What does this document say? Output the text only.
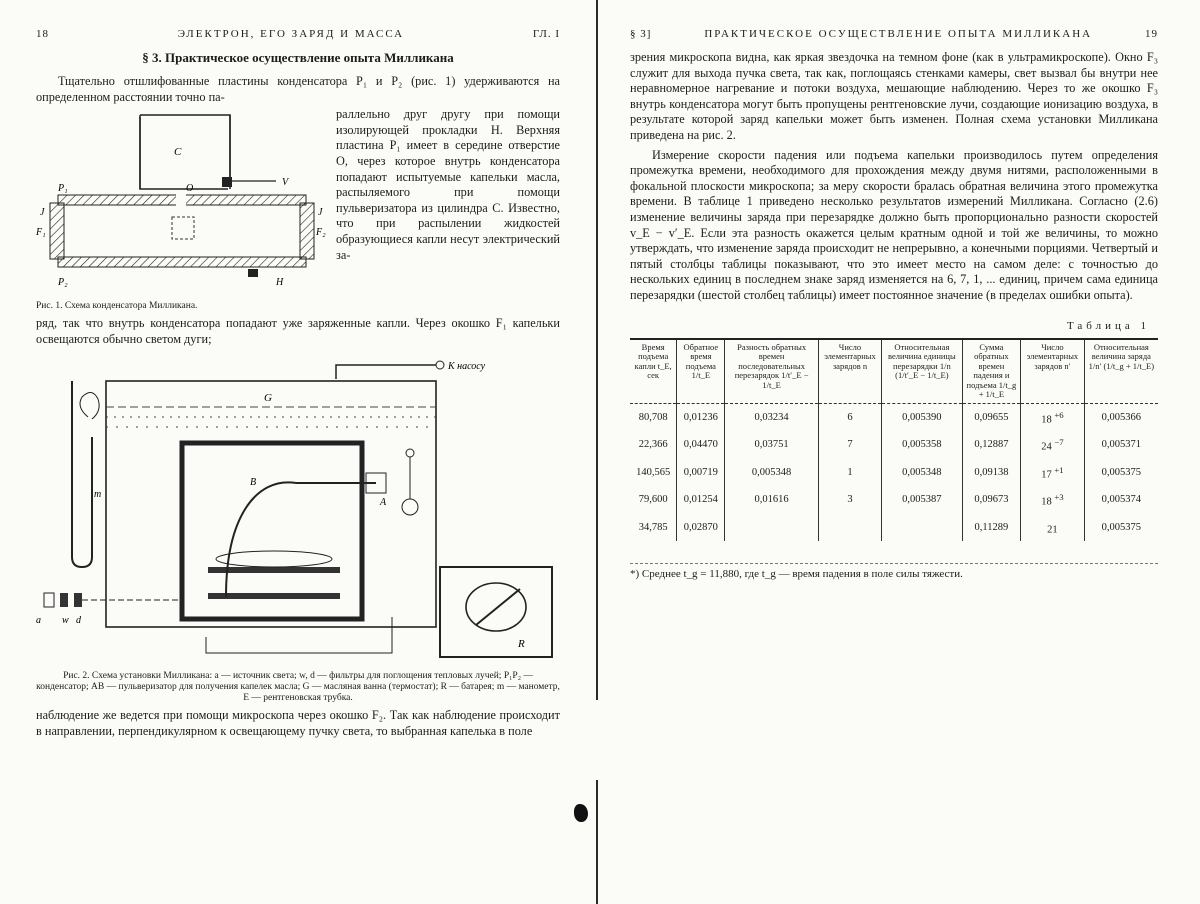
18	ЭЛЕКТРОН, ЕГО ЗАРЯД И МАССА	ГЛ. I
§ 3. Практическое осуществление опыта Милликана

Тщательно отшлифованные пластины конденсатора P₁ и P₂ (рис. 1) удерживаются на определенном расстоянии точно па-

C
V
O
P₁
P₂	H
F₁	F₂
J	J
Рис. 1. Схема конденсатора Милликана.

раллельно друг другу при помощи изолирующей прокладки H. Верхняя пластина P₁ имеет в середине отверстие O, через которое внутрь конденсатора попадают испытуемые капельки масла, распыляемого при помощи пульверизатора из цилиндра C. Известно, что при распылении жидкостей образующиеся капли несут электрический за-

ряд, так что внутрь конденсатора попадают уже заряженные капли. Через окошко F₁ капельки освещаются обычно светом дуги;

К насосу
G
B
A
m
a w d
R
Рис. 2. Схема установки Милликана: a — источник света; w, d — фильтры для поглощения тепловых лучей; P₁P₂ — конденсатор; AB — пульверизатор для получения капелек масла; G — масляная ванна (термостат); R — батарея; m — манометр, E — рентгеновская трубка.

наблюдение же ведется при помощи микроскопа через окошко F₂. Так как наблюдение происходит в направлении, перпендикулярном к освещающему пучку света, то выбранная капелька в поле

§ 3]	ПРАКТИЧЕСКОЕ ОСУЩЕСТВЛЕНИЕ ОПЫТА МИЛЛИКАНА	19

зрения микроскопа видна, как яркая звездочка на темном фоне (как в ультрамикроскопе). Окно F₃ служит для выхода пучка света, так как, поглощаясь стенками камеры, свет вызвал бы внутри нее неравномерное нагревание и потоки воздуха, мешающие наблюдению. Через то же окошко F₃ внутрь конденсатора могут быть пропущены рентгеновские лучи, создающие ионизацию воздуха, в результате которой заряд капельки может быть изменен. Полная схема установки Милликана приведена на рис. 2.

Измерение скорости падения или подъема капельки производилось путем определения промежутка времени, необходимого для прохождения между двумя нитями, расположенными в фокальной плоскости микроскопа; за меру скорости бралась обратная величина этого промежутка времени. В таблице 1 приведено несколько результатов измерений Милликана. Согласно (2.6) изменение величины заряда при перезарядке должно быть пропорционально разности скоростей v_E − v′_E. Если эта разность окажется целым кратным одной и той же величины, то можно утверждать, что изменение заряда происходит не непрерывно, а конечными порциями. Четвертый и пятый столбцы таблицы показывают, что это имеет место на самом деле: с точностью до нескольких единиц в последнем знаке заряд изменяется на 6, 7, 1, ... единиц, причем сама единица перезарядки (шестой столбец таблицы) имеет постоянное значение (в пределах ошибки опыта).

Таблица 1
Время подъема капли t_E, сек	Обратное время подъема 1/t_E	Разность обратных времен последовательных перезарядок 1/t′_E − 1/t_E	Число элементарных зарядов n	Относительная величина единицы перезарядки 1/n (1/t′_E − 1/t_E)	Сумма обратных времен падения и подъема 1/t_g + 1/t_E	Число элементарных зарядов n′	Относительная величина заряда 1/n′ (1/t_g + 1/t_E)
80,708	0,01236	0,03234	6	0,005390	0,09655	18 $^{+6}$	0,005366
22,366	0,04470	0,03751	7	0,005358	0,12887	24 $^{-7}$	0,005371
140,565	0,00719	0,005348	1	0,005348	0,09138	17 $^{+1}$	0,005375
79,600	0,01254	0,01616	3	0,005387	0,09673	18 $^{+3}$	0,005374
34,785	0,02870				0,11289	21	0,005375
*) Среднее t_g = 11,880, где t_g — время падения в поле силы тяжести.
